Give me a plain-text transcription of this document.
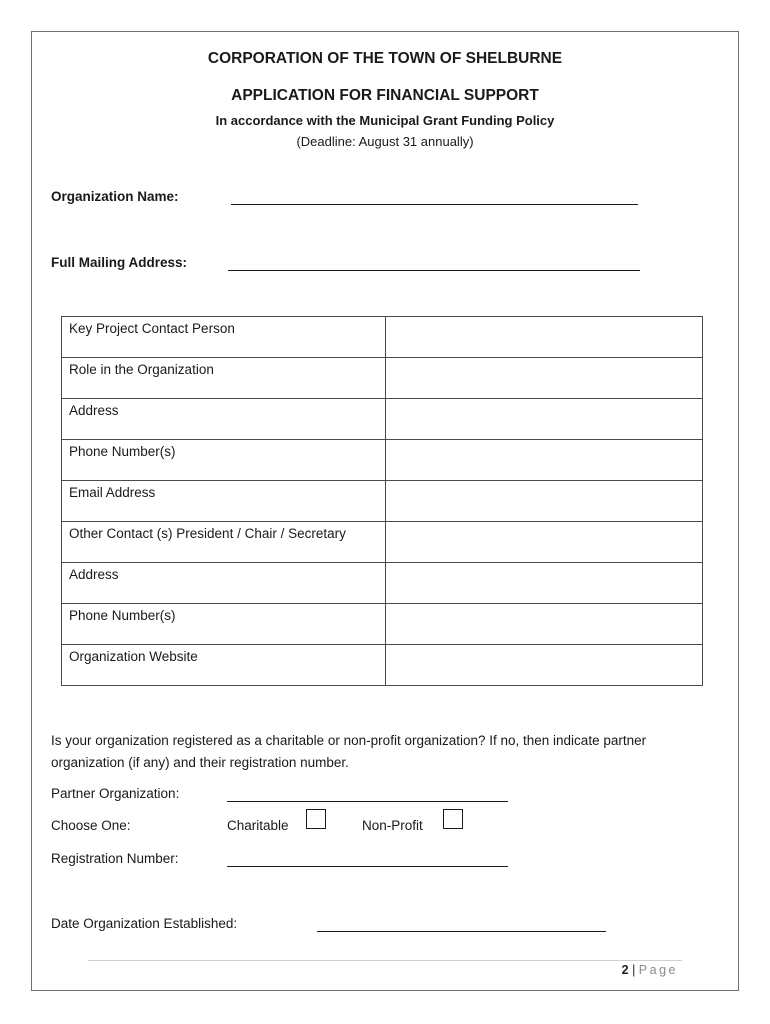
CORPORATION OF THE TOWN OF SHELBURNE
APPLICATION FOR FINANCIAL SUPPORT
In accordance with the Municipal Grant Funding Policy
(Deadline: August 31 annually)
Organization Name:
Full Mailing Address:
Key Project Contact Person	
Role in the Organization	
Address	
Phone Number(s)	
Email Address	
Other Contact (s) President / Chair / Secretary	
Address	
Phone Number(s)	
Organization Website	
Is your organization registered as a charitable or non-profit organization? If no, then indicate partner organization (if any) and their registration number.
Partner Organization:
Choose One:	Charitable	Non-Profit
Registration Number:
Date Organization Established:
2 | Page
